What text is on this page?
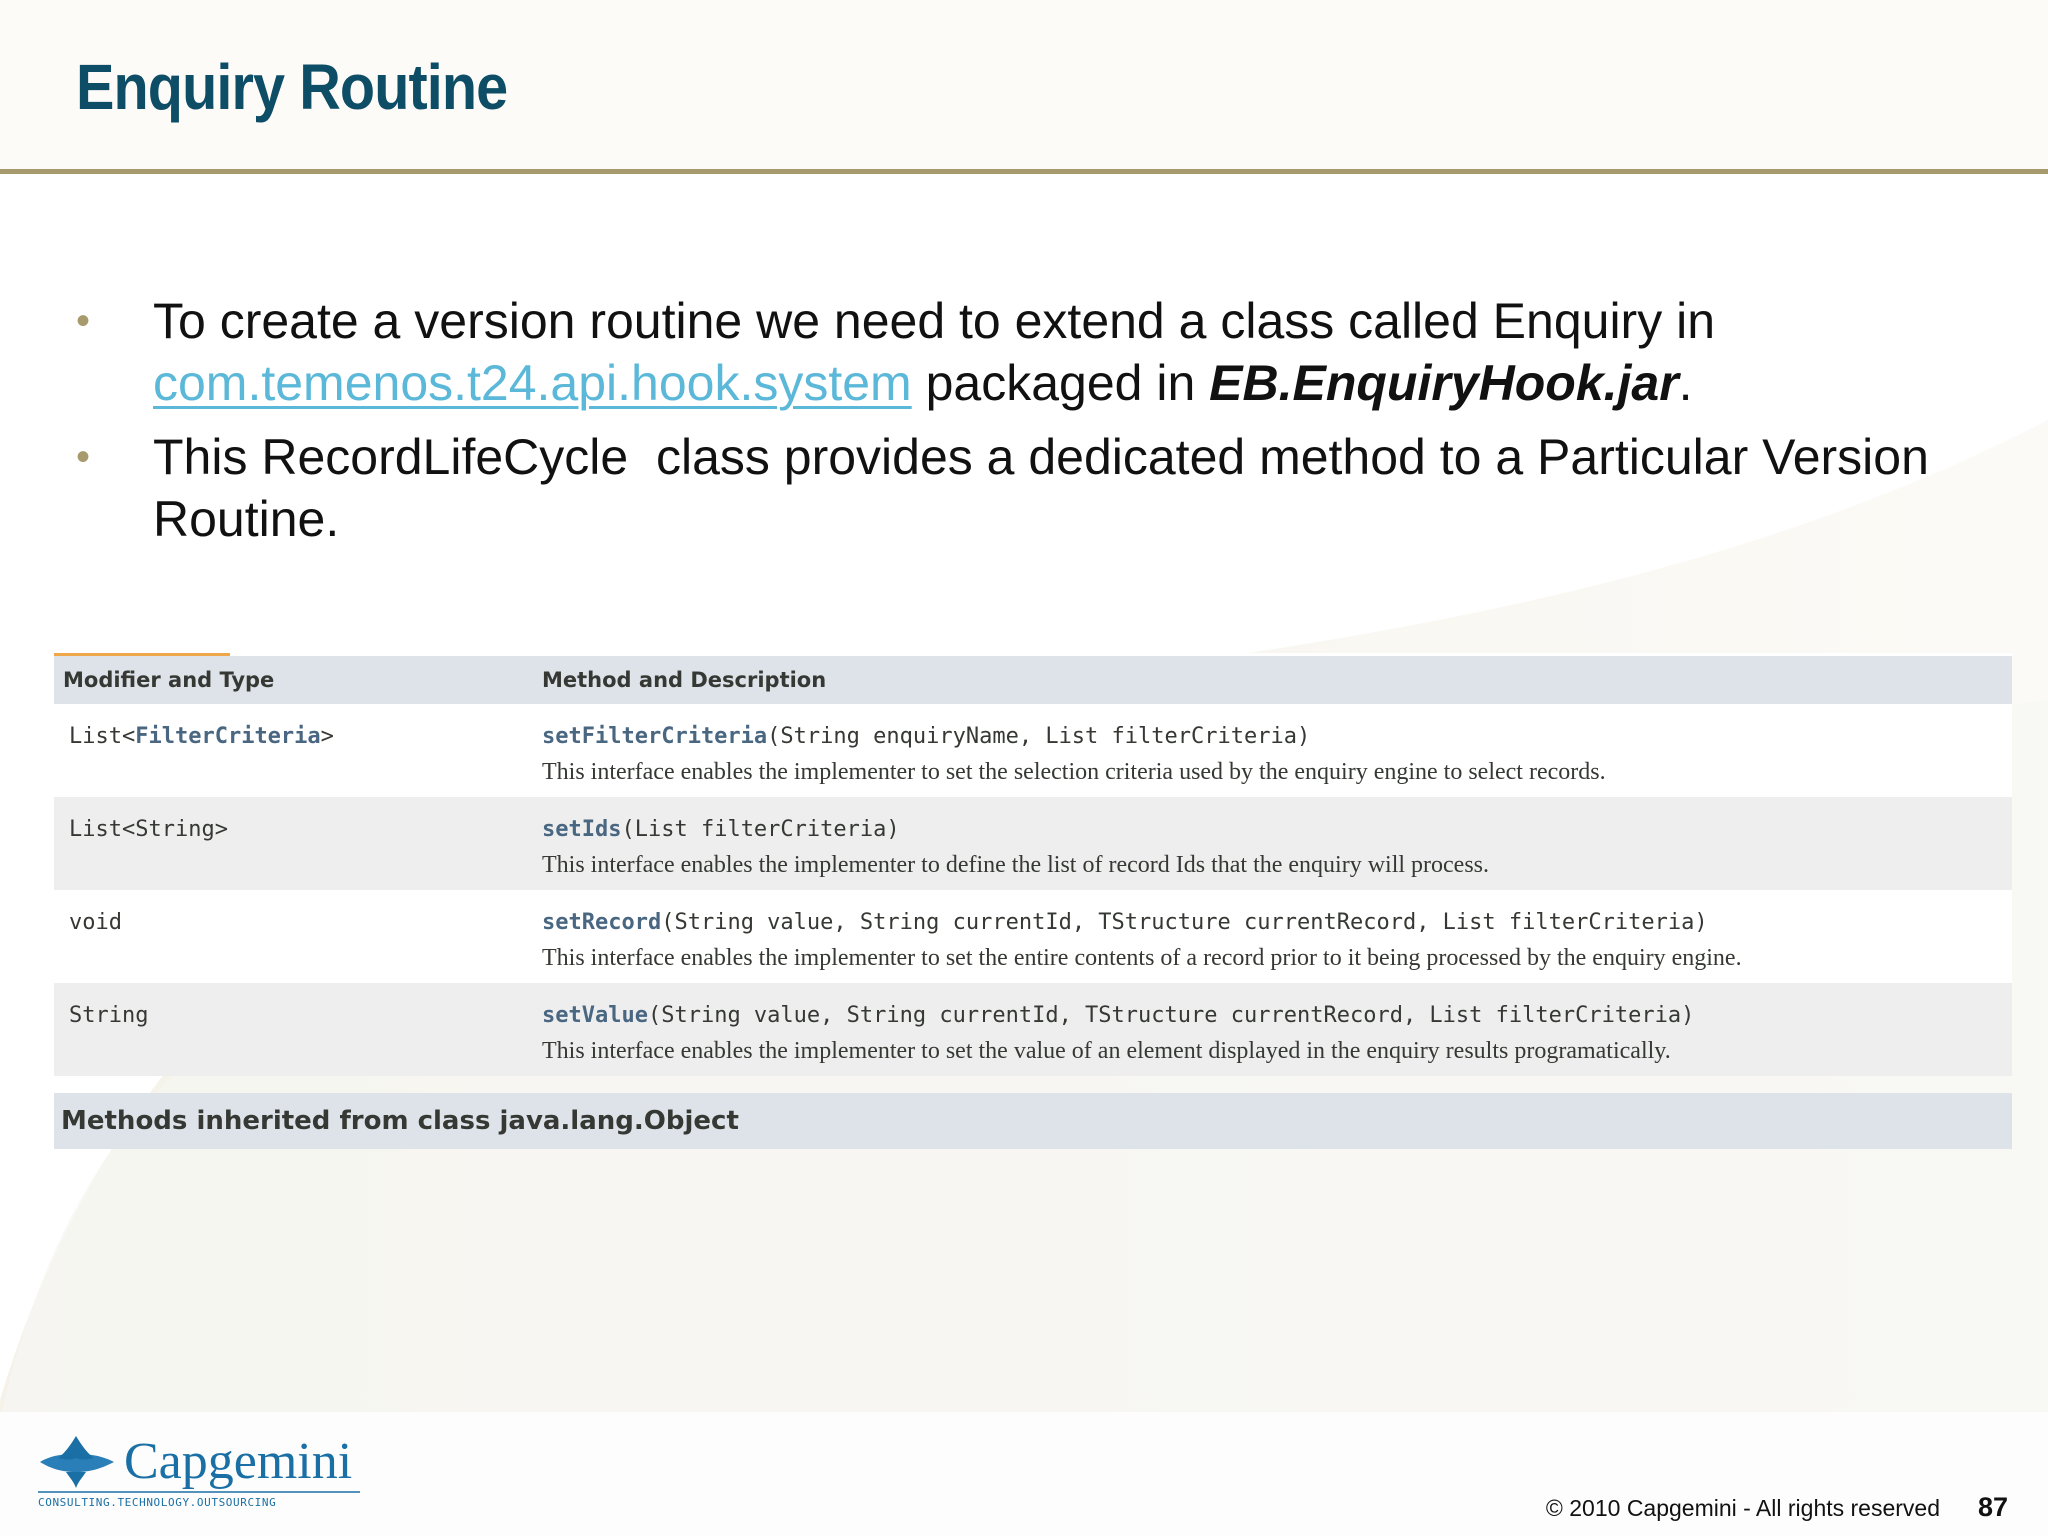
Enquiry Routine
• To create a version routine we need to extend a class called Enquiry in
com.temenos.t24.api.hook.system packaged in EB.EnquiryHook.jar.
• This RecordLifeCycle  class provides a dedicated method to a Particular Version Routine.
Modifier and Type	Method and Description
List<FilterCriteria>	setFilterCriteria(String enquiryName, List filterCriteria)
This interface enables the implementer to set the selection criteria used by the enquiry engine to select records.
List<String>	setIds(List filterCriteria)
This interface enables the implementer to define the list of record Ids that the enquiry will process.
void	setRecord(String value, String currentId, TStructure currentRecord, List filterCriteria)
This interface enables the implementer to set the entire contents of a record prior to it being processed by the enquiry engine.
String	setValue(String value, String currentId, TStructure currentRecord, List filterCriteria)
This interface enables the implementer to set the value of an element displayed in the enquiry results programatically.
Methods inherited from class java.lang.Object
Capgemini
CONSULTING.TECHNOLOGY.OUTSOURCING	© 2010 Capgemini - All rights reserved 87
